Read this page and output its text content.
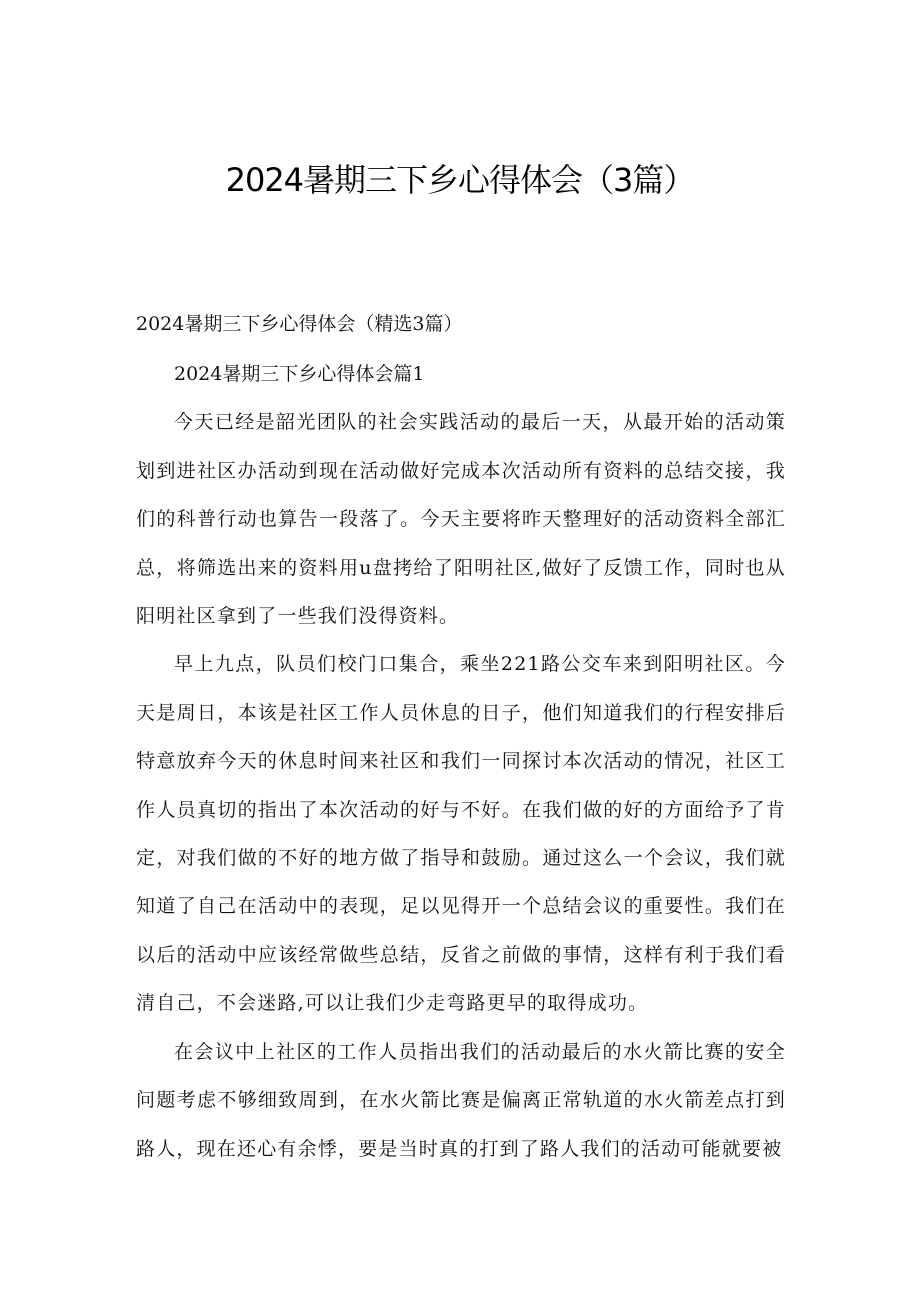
2024暑期三下乡心得体会（3篇）

2024暑期三下乡心得体会（精选3篇）

2024暑期三下乡心得体会篇1

今天已经是韶光团队的社会实践活动的最后一天，从最开始的活动策划到进社区办活动到现在活动做好完成本次活动所有资料的总结交接，我们的科普行动也算告一段落了。今天主要将昨天整理好的活动资料全部汇总，将筛选出来的资料用u盘拷给了阳明社区,做好了反馈工作，同时也从阳明社区拿到了一些我们没得资料。

早上九点，队员们校门口集合，乘坐221路公交车来到阳明社区。今天是周日，本该是社区工作人员休息的日子，他们知道我们的行程安排后特意放弃今天的休息时间来社区和我们一同探讨本次活动的情况，社区工作人员真切的指出了本次活动的好与不好。在我们做的好的方面给予了肯定，对我们做的不好的地方做了指导和鼓励。通过这么一个会议，我们就知道了自己在活动中的表现，足以见得开一个总结会议的重要性。我们在以后的活动中应该经常做些总结，反省之前做的事情，这样有利于我们看清自己，不会迷路,可以让我们少走弯路更早的取得成功。

在会议中上社区的工作人员指出我们的活动最后的水火箭比赛的安全问题考虑不够细致周到，在水火箭比赛是偏离正常轨道的水火箭差点打到路人，现在还心有余悸，要是当时真的打到了路人我们的活动可能就要被
